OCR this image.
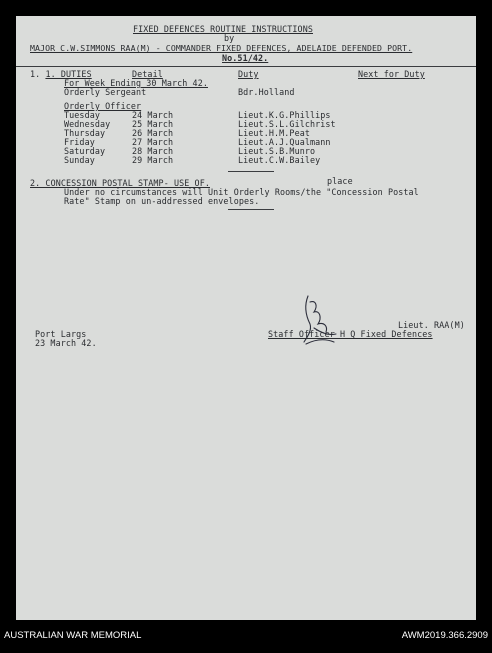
FIXED DEFENCES ROUTINE INSTRUCTIONS
by
MAJOR C.W.SIMMONS RAA(M) - COMMANDER FIXED DEFENCES, ADELAIDE DEFENDED PORT.
No.51/42.
1. 1. DUTIES	Detail	Duty	Next for Duty
For Week Ending 30 March 42.
Orderly Sergeant	Bdr.Holland
Orderly Officer
Tuesday	24 March	Lieut.K.G.Phillips
Wednesday	25 March	Lieut.S.L.Gilchrist
Thursday	26 March	Lieut.H.M.Peat
Friday	27 March	Lieut.A.J.Qualmann
Saturday	28 March	Lieut.S.B.Munro
Sunday	29 March	Lieut.C.W.Bailey
2. CONCESSION POSTAL STAMP- USE OF.	place
Under no circumstances will Unit Orderly Rooms/the "Concession Postal
Rate" Stamp on un-addressed envelopes.
Lieut. RAA(M)
Staff Officer H Q Fixed Defences
Port Largs
23 March 42.
AUSTRALIAN WAR MEMORIAL	AWM2019.366.2909
